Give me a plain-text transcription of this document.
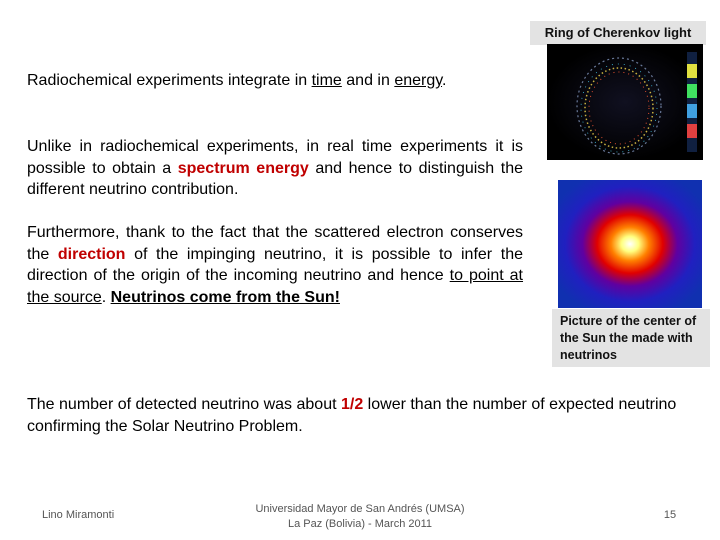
Ring of Cherenkov light
Picture of the center of the Sun the made with neutrinos

Radiochemical experiments integrate in time and in energy.

Unlike in radiochemical experiments, in real time experiments it is possible to obtain a spectrum energy and hence to distinguish the different neutrino contribution.

Furthermore, thank to the fact that the scattered electron conserves the direction of the impinging neutrino, it is possible to infer the direction of the origin of the incoming neutrino and hence to point at the source. Neutrinos come from the Sun!

The number of detected neutrino was about 1/2 lower than the number of expected neutrino confirming the Solar Neutrino Problem.

Lino Miramonti	Universidad Mayor de San Andrés (UMSA)
La Paz (Bolivia) - March 2011
15
